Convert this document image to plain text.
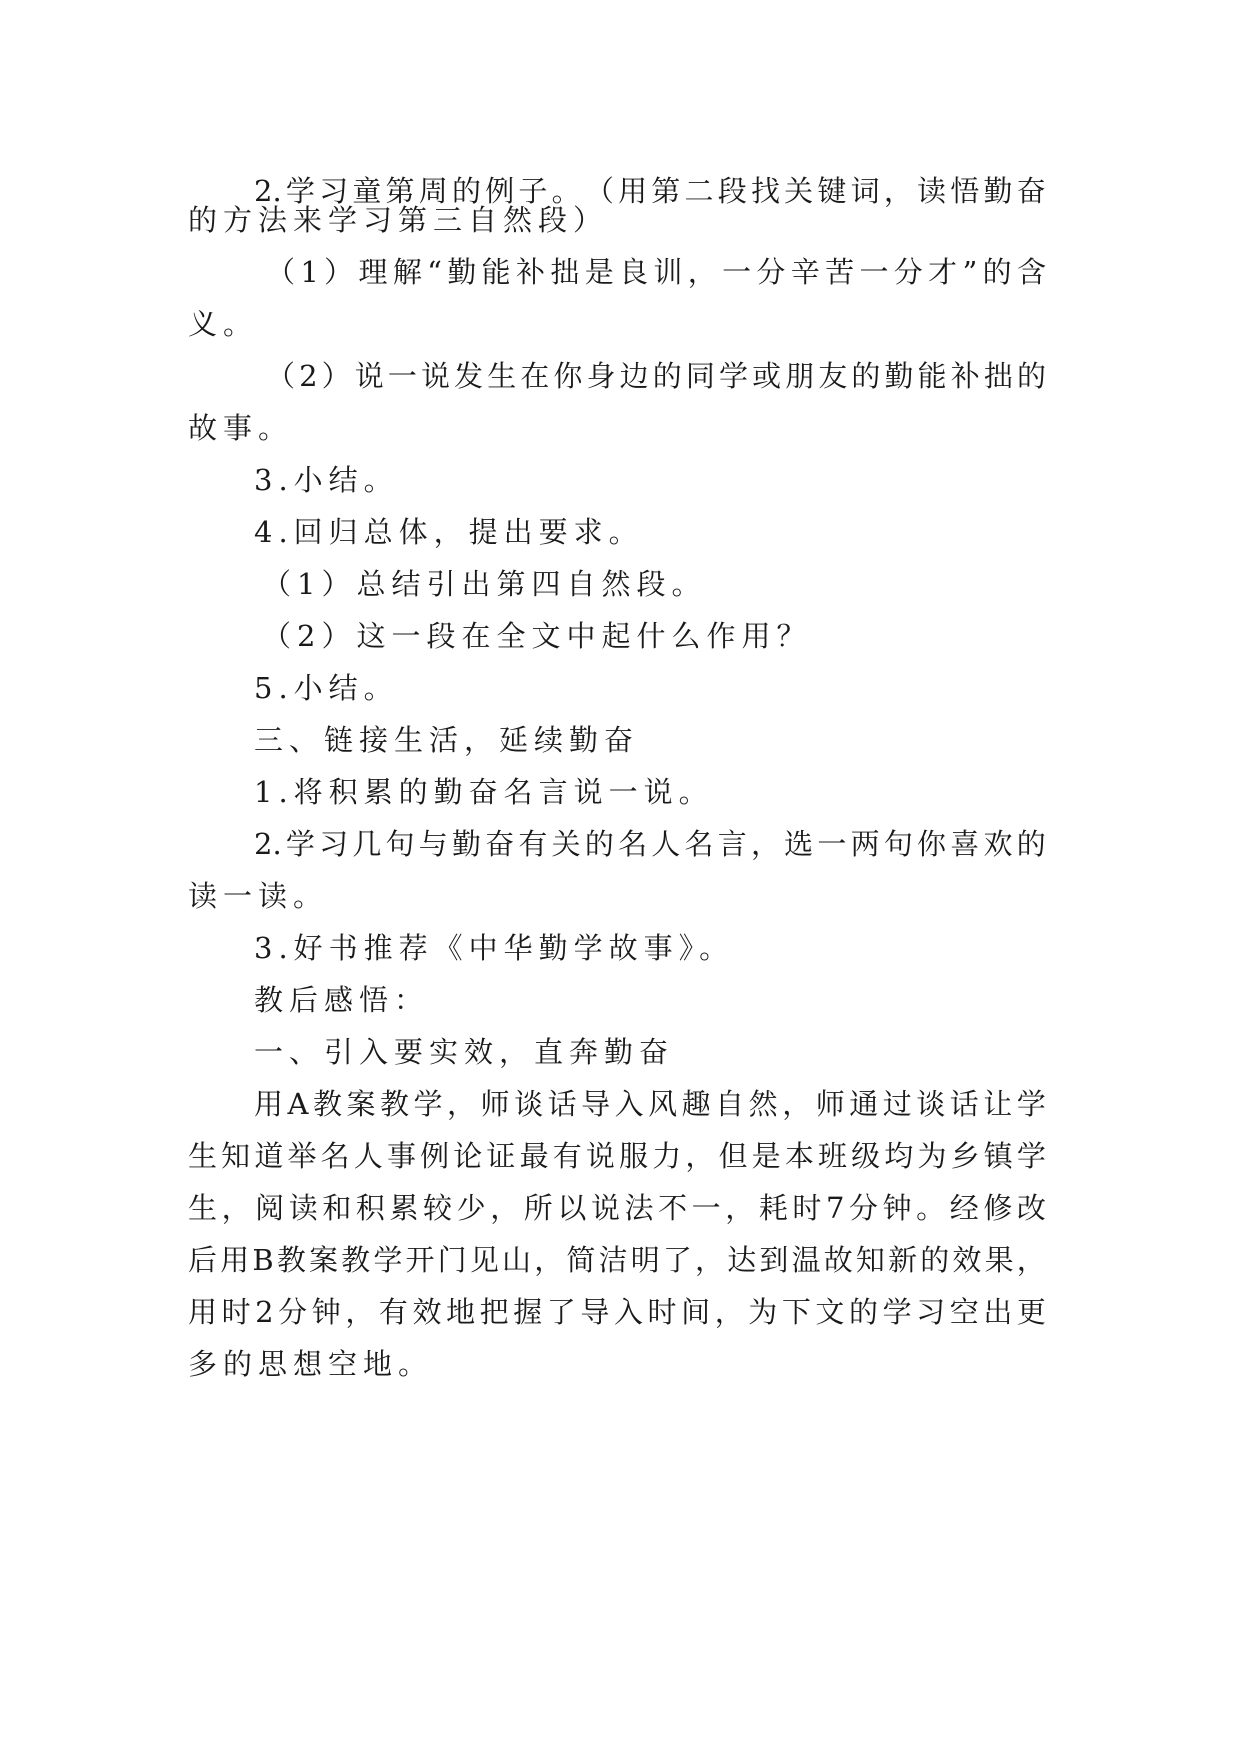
2. 学 习 童 第 周 的 例 子 。 （ 用 第 二 段 找 关 键 词 ， 读 悟 勤 奋
的方法来学习第三自然段）
（ 1 ） 理 解 “ 勤 能 补 拙 是 良 训 ， 一 分 辛 苦 一 分 才 ” 的 含
义。
（ 2 ） 说 一 说 发 生 在 你 身 边 的 同 学 或 朋 友 的 勤 能 补 拙 的
故事。
3.小结。
4.回归总体，提出要求。
（1）总结引出第四自然段。
（2）这一段在全文中起什么作用？
5.小结。
三、链接生活，延续勤奋
1.将积累的勤奋名言说一说。
2. 学 习 几 句 与 勤 奋 有 关 的 名 人 名 言 ， 选 一 两 句 你 喜 欢 的
读一读。
3.好书推荐《中华勤学故事》。
教后感悟：
一、引入要实效，直奔勤奋
用 A 教 案 教 学 ， 师 谈 话 导 入 风 趣 自 然 ， 师 通 过 谈 话 让 学
生 知 道 举 名 人 事 例 论 证 最 有 说 服 力 ， 但 是 本 班 级 均 为 乡 镇 学
生 ， 阅 读 和 积 累 较 少 ， 所 以 说 法 不 一 ， 耗 时 7 分 钟 。 经 修 改
后 用 B 教 案 教 学 开 门 见 山 ， 简 洁 明 了 ， 达 到 温 故 知 新 的 效 果 ，
用 时 2 分 钟 ， 有 效 地 把 握 了 导 入 时 间 ， 为 下 文 的 学 习 空 出 更
多的思想空地。
